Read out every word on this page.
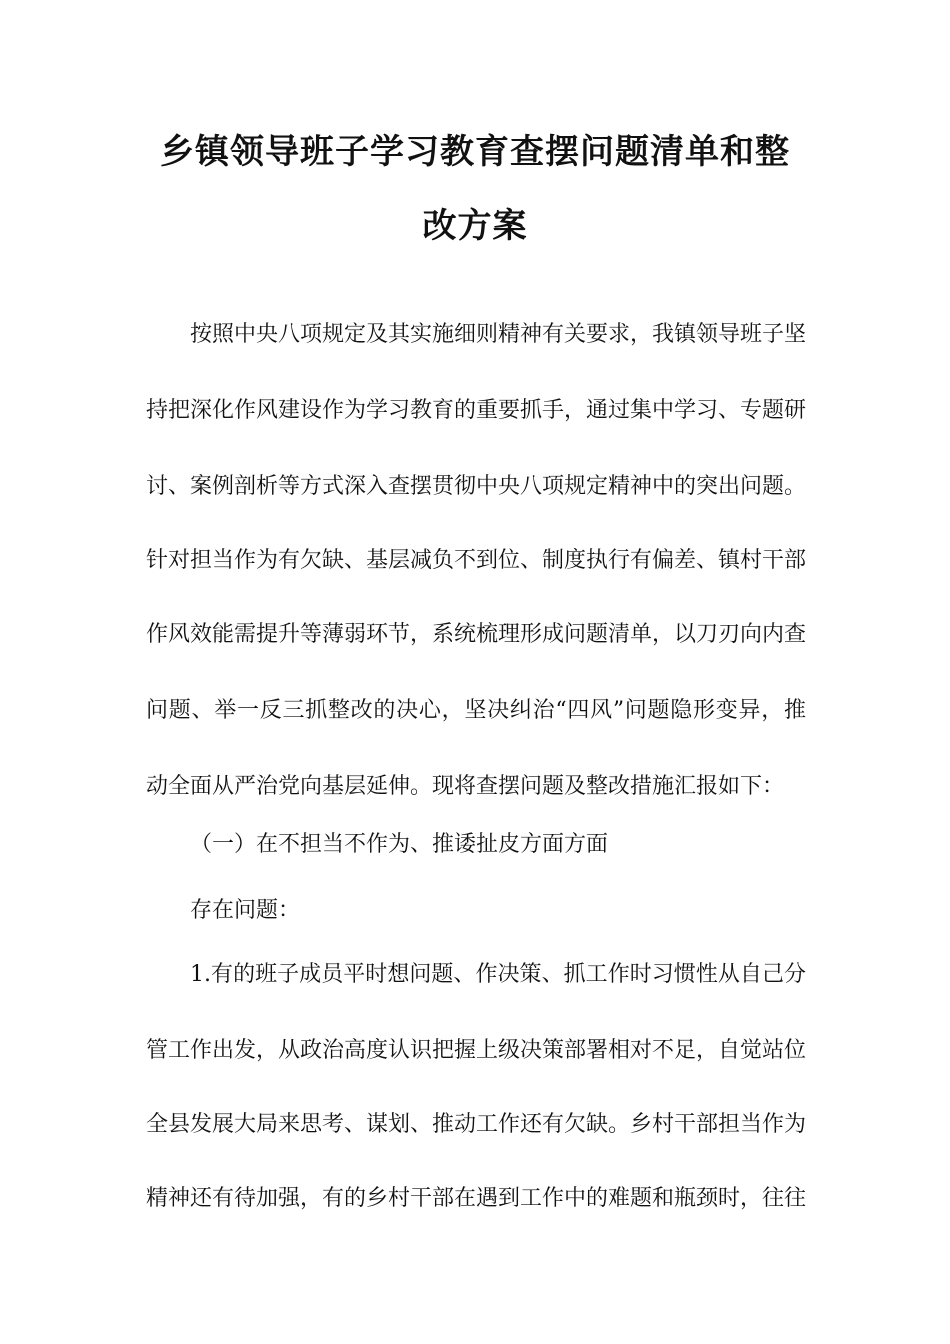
乡镇领导班子学习教育查摆问题清单和整
改方案
按照中央八项规定及其实施细则精神有关要求，我镇领导班子坚
持把深化作风建设作为学习教育的重要抓手，通过集中学习、专题研
讨、案例剖析等方式深入查摆贯彻中央八项规定精神中的突出问题。
针对担当作为有欠缺、基层减负不到位、制度执行有偏差、镇村干部
作风效能需提升等薄弱环节，系统梳理形成问题清单，以刀刃向内查
问题、举一反三抓整改的决心，坚决纠治“四风”问题隐形变异，推
动全面从严治党向基层延伸。现将查摆问题及整改措施汇报如下：
（一）在不担当不作为、推诿扯皮方面方面
存在问题：
1.有的班子成员平时想问题、作决策、抓工作时习惯性从自己分
管工作出发，从政治高度认识把握上级决策部署相对不足，自觉站位
全县发展大局来思考、谋划、推动工作还有欠缺。乡村干部担当作为
精神还有待加强，有的乡村干部在遇到工作中的难题和瓶颈时，往往
